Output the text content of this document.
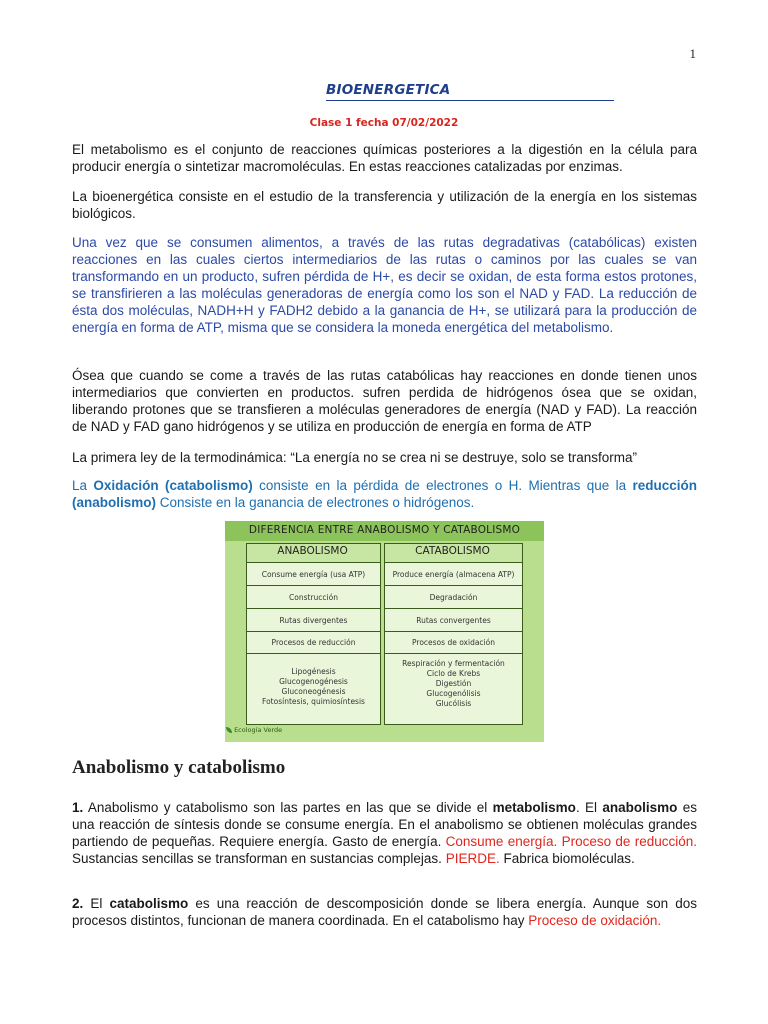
1
BIOENERGETICA
Clase 1 fecha 07/02/2022
El metabolismo es el conjunto de reacciones químicas posteriores a la digestión en la célula para producir energía o sintetizar macromoléculas. En estas reacciones catalizadas por enzimas.
La bioenergética consiste en el estudio de la transferencia y utilización de la energía en los sistemas biológicos.
Una vez que se consumen alimentos, a través de las rutas degradativas (catabólicas) existen reacciones en las cuales ciertos intermediarios de las rutas o caminos por las cuales se van transformando en un producto, sufren pérdida de H+, es decir se oxidan, de esta forma estos protones, se transfirieren a las moléculas generadoras de energía como los son el NAD y FAD. La reducción de ésta dos moléculas, NADH+H y FADH2 debido a la ganancia de H+, se utilizará para la producción de energía en forma de ATP, misma que se considera la moneda energética del metabolismo.
Ósea que cuando se come a través de las rutas catabólicas hay reacciones en donde tienen unos intermediarios que convierten en productos. sufren perdida de hidrógenos ósea que se oxidan, liberando protones que se transfieren a moléculas generadores de energía (NAD y FAD). La reacción de NAD y FAD gano hidrógenos y se utiliza en producción de energía en forma de ATP
La primera ley de la termodinámica: “La energía no se crea ni se destruye, solo se transforma”
La Oxidación (catabolismo) consiste en la pérdida de electrones o H. Mientras que la reducción (anabolismo) Consiste en la ganancia de electrones o hidrógenos.
DIFERENCIA ENTRE ANABOLISMO Y CATABOLISMO
ANABOLISMO	CATABOLISMO
Consume energía (usa ATP)
Construcción
Rutas divergentes
Procesos de reducción
Lipogénesis
Glucogenogénesis
Gluconeogénesis
Fotosíntesis, quimiosíntesis
Produce energía (almacena ATP)
Degradación
Rutas convergentes
Procesos de oxidación
Respiración y fermentación
Ciclo de Krebs
Digestión
Glucogenólisis
Glucólisis
Ecología Verde
Anabolismo y catabolismo
1. Anabolismo y catabolismo son las partes en las que se divide el metabolismo. El anabolismo es una reacción de síntesis donde se consume energía. En el anabolismo se obtienen moléculas grandes partiendo de pequeñas. Requiere energía. Gasto de energía. Consume energía. Proceso de reducción. Sustancias sencillas se transforman en sustancias complejas. PIERDE. Fabrica biomoléculas.
2. El catabolismo es una reacción de descomposición donde se libera energía. Aunque son dos procesos distintos, funcionan de manera coordinada. En el catabolismo hay Proceso de oxidación.
